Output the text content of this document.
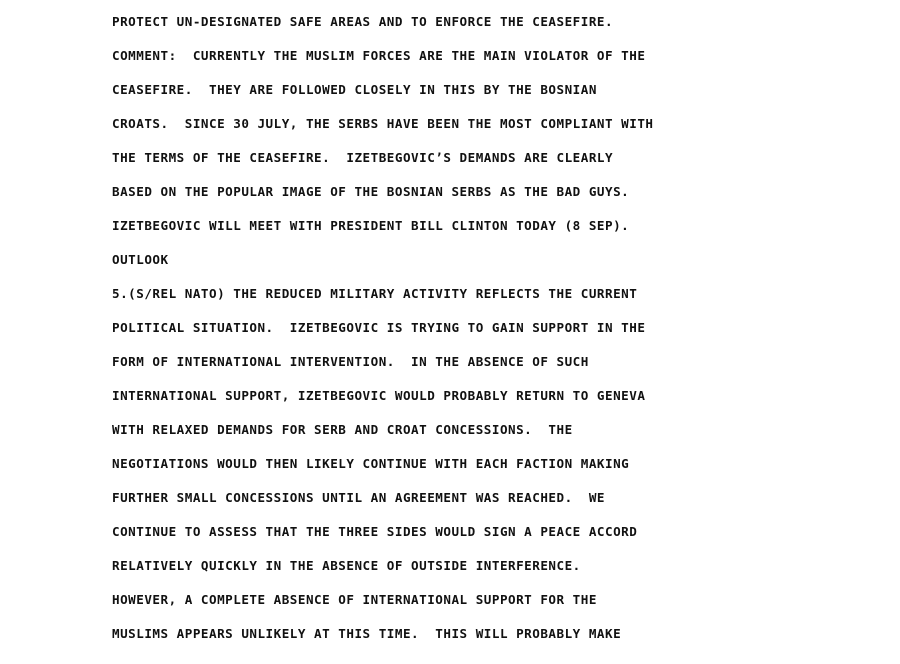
PROTECT UN-DESIGNATED SAFE AREAS AND TO ENFORCE THE CEASEFIRE.
COMMENT:  CURRENTLY THE MUSLIM FORCES ARE THE MAIN VIOLATOR OF THE
CEASEFIRE.  THEY ARE FOLLOWED CLOSELY IN THIS BY THE BOSNIAN
CROATS.  SINCE 30 JULY, THE SERBS HAVE BEEN THE MOST COMPLIANT WITH
THE TERMS OF THE CEASEFIRE.  IZETBEGOVIC’S DEMANDS ARE CLEARLY
BASED ON THE POPULAR IMAGE OF THE BOSNIAN SERBS AS THE BAD GUYS.
IZETBEGOVIC WILL MEET WITH PRESIDENT BILL CLINTON TODAY (8 SEP).
OUTLOOK
5.(S/REL NATO) THE REDUCED MILITARY ACTIVITY REFLECTS THE CURRENT
POLITICAL SITUATION.  IZETBEGOVIC IS TRYING TO GAIN SUPPORT IN THE
FORM OF INTERNATIONAL INTERVENTION.  IN THE ABSENCE OF SUCH
INTERNATIONAL SUPPORT, IZETBEGOVIC WOULD PROBABLY RETURN TO GENEVA
WITH RELAXED DEMANDS FOR SERB AND CROAT CONCESSIONS.  THE
NEGOTIATIONS WOULD THEN LIKELY CONTINUE WITH EACH FACTION MAKING
FURTHER SMALL CONCESSIONS UNTIL AN AGREEMENT WAS REACHED.  WE
CONTINUE TO ASSESS THAT THE THREE SIDES WOULD SIGN A PEACE ACCORD
RELATIVELY QUICKLY IN THE ABSENCE OF OUTSIDE INTERFERENCE.
HOWEVER, A COMPLETE ABSENCE OF INTERNATIONAL SUPPORT FOR THE
MUSLIMS APPEARS UNLIKELY AT THIS TIME.  THIS WILL PROBABLY MAKE
